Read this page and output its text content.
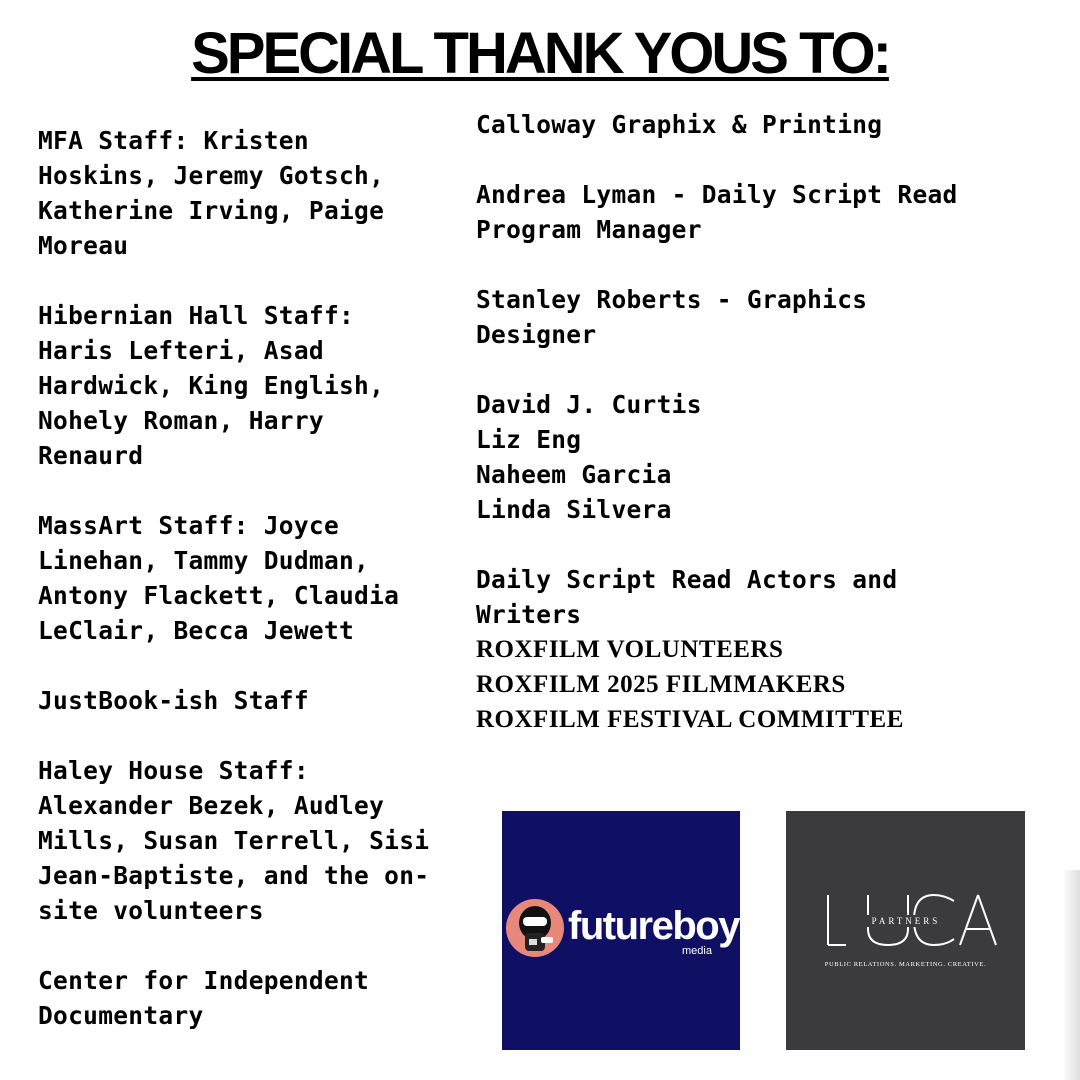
SPECIAL THANK YOUS TO:
MFA Staff: Kristen
Hoskins, Jeremy Gotsch,
Katherine Irving, Paige
Moreau
Hibernian Hall Staff:
Haris Lefteri, Asad
Hardwick, King English,
Nohely Roman, Harry
Renaurd
MassArt Staff: Joyce
Linehan, Tammy Dudman,
Antony Flackett, Claudia
LeClair, Becca Jewett
JustBook-ish Staff
Haley House Staff:
Alexander Bezek, Audley
Mills, Susan Terrell, Sisi
Jean-Baptiste, and the on-
site volunteers
Center for Independent
Documentary
Calloway Graphix & Printing
Andrea Lyman - Daily Script Read
Program Manager
Stanley Roberts - Graphics
Designer
David J. Curtis
Liz Eng
Naheem Garcia
Linda Silvera
Daily Script Read Actors and
Writers
ROXFILM VOLUNTEERS
ROXFILM 2025 FILMMAKERS
ROXFILM FESTIVAL COMMITTEE
futureboy
media
PARTNERS
PUBLIC RELATIONS. MARKETING. CREATIVE.
